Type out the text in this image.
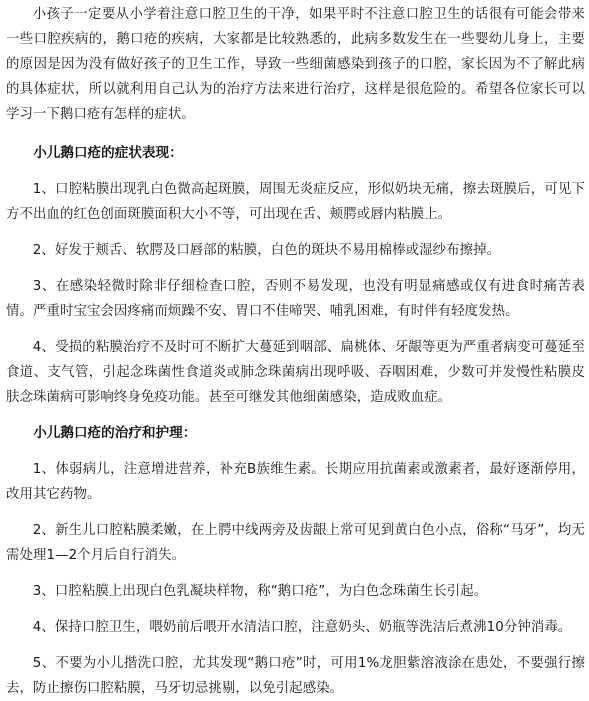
小孩子一定要从小学着注意口腔卫生的干净，如果平时不注意口腔卫生的话很有可能会带来一些口腔疾病的，鹅口疮的疾病，大家都是比较熟悉的，此病多数发生在一些婴幼儿身上，主要的原因是因为没有做好孩子的卫生工作，导致一些细菌感染到孩子的口腔，家长因为不了解此病的具体症状，所以就利用自己认为的治疗方法来进行治疗，这样是很危险的。希望各位家长可以学习一下鹅口疮有怎样的症状。

小儿鹅口疮的症状表现：

1、口腔粘膜出现乳白色微高起斑膜，周围无炎症反应，形似奶块无痛，擦去斑膜后，可见下方不出血的红色创面斑膜面积大小不等，可出现在舌、颊腭或唇内粘膜上。

2、好发于颊舌、软腭及口唇部的粘膜，白色的斑块不易用棉棒或湿纱布擦掉。

3、在感染轻微时除非仔细检查口腔，否则不易发现，也没有明显痛感或仅有进食时痛苦表情。严重时宝宝会因疼痛而烦躁不安、胃口不佳啼哭、哺乳困难，有时伴有轻度发热。

4、受损的粘膜治疗不及时可不断扩大蔓延到咽部、扁桃体、牙龈等更为严重者病变可蔓延至食道、支气管，引起念珠菌性食道炎或肺念珠菌病出现呼吸、吞咽困难，少数可并发慢性粘膜皮肤念珠菌病可影响终身免疫功能。甚至可继发其他细菌感染，造成败血症。

小儿鹅口疮的治疗和护理：

1、体弱病儿，注意增进营养，补充B族维生素。长期应用抗菌素或激素者，最好逐渐停用，改用其它药物。

2、新生儿口腔粘膜柔嫩，在上腭中线两旁及齿龈上常可见到黄白色小点，俗称“马牙”，均无需处理1—2个月后自行消失。

3、口腔粘膜上出现白色乳凝块样物，称“鹅口疮”，为白色念珠菌生长引起。

4、保持口腔卫生，喂奶前后喂开水清洁口腔，注意奶头、奶瓶等洗洁后煮沸10分钟消毒。

5、不要为小儿揩洗口腔，尤其发现“鹅口疮”时，可用1%龙胆紫溶液涂在患处，不要强行擦去，防止擦伤口腔粘膜，马牙切忌挑剔，以免引起感染。
